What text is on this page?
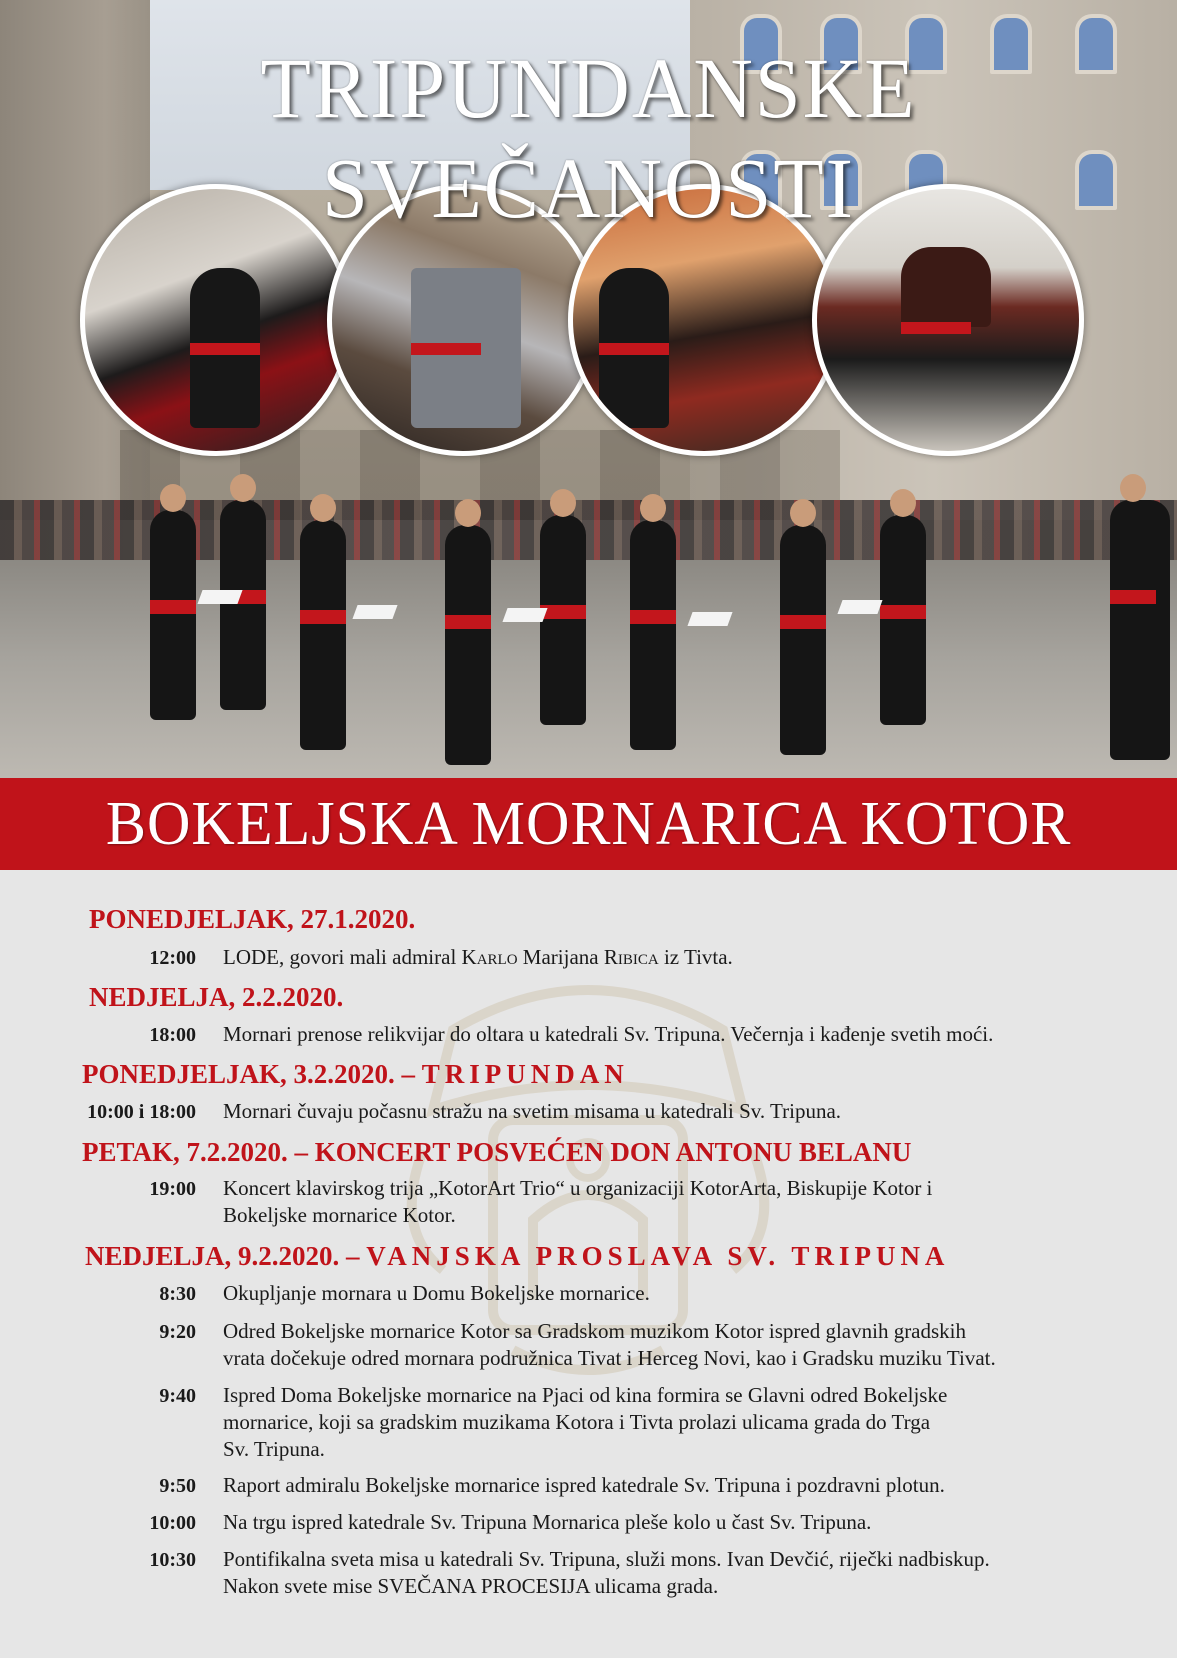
TRIPUNDANSKE SVEČANOSTI
BOKELJSKA MORNARICA KOTOR
PONEDJELJAK, 27.1.2020.
12:00 LODE, govori mali admiral Karlo Marijana Ribica iz Tivta.
NEDJELJA, 2.2.2020.
18:00 Mornari prenose relikvijar do oltara u katedrali Sv. Tripuna. Večernja i kađenje svetih moći.
PONEDJELJAK, 3.2.2020. – TRIPUNDAN
10:00 i 18:00 Mornari čuvaju počasnu stražu na svetim misama u katedrali Sv. Tripuna.
PETAK, 7.2.2020. – KONCERT POSVEĆEN DON ANTONU BELANU
19:00 Koncert klavirskog trija „KotorArt Trio“ u organizaciji KotorArta, Biskupije Kotor i
Bokeljske mornarice Kotor.
NEDJELJA, 9.2.2020. – VANJSKA PROSLAVA SV. TRIPUNA
8:30 Okupljanje mornara u Domu Bokeljske mornarice.
9:20 Odred Bokeljske mornarice Kotor sa Gradskom muzikom Kotor ispred glavnih gradskih
vrata dočekuje odred mornara podružnica Tivat i Herceg Novi, kao i Gradsku muziku Tivat.
9:40 Ispred Doma Bokeljske mornarice na Pjaci od kina formira se Glavni odred Bokeljske
mornarice, koji sa gradskim muzikama Kotora i Tivta prolazi ulicama grada do Trga
Sv. Tripuna.
9:50 Raport admiralu Bokeljske mornarice ispred katedrale Sv. Tripuna i pozdravni plotun.
10:00 Na trgu ispred katedrale Sv. Tripuna Mornarica pleše kolo u čast Sv. Tripuna.
10:30 Pontifikalna sveta misa u katedrali Sv. Tripuna, služi mons. Ivan Devčić, riječki nadbiskup.
Nakon svete mise SVEČANA PROCESIJA ulicama grada.
